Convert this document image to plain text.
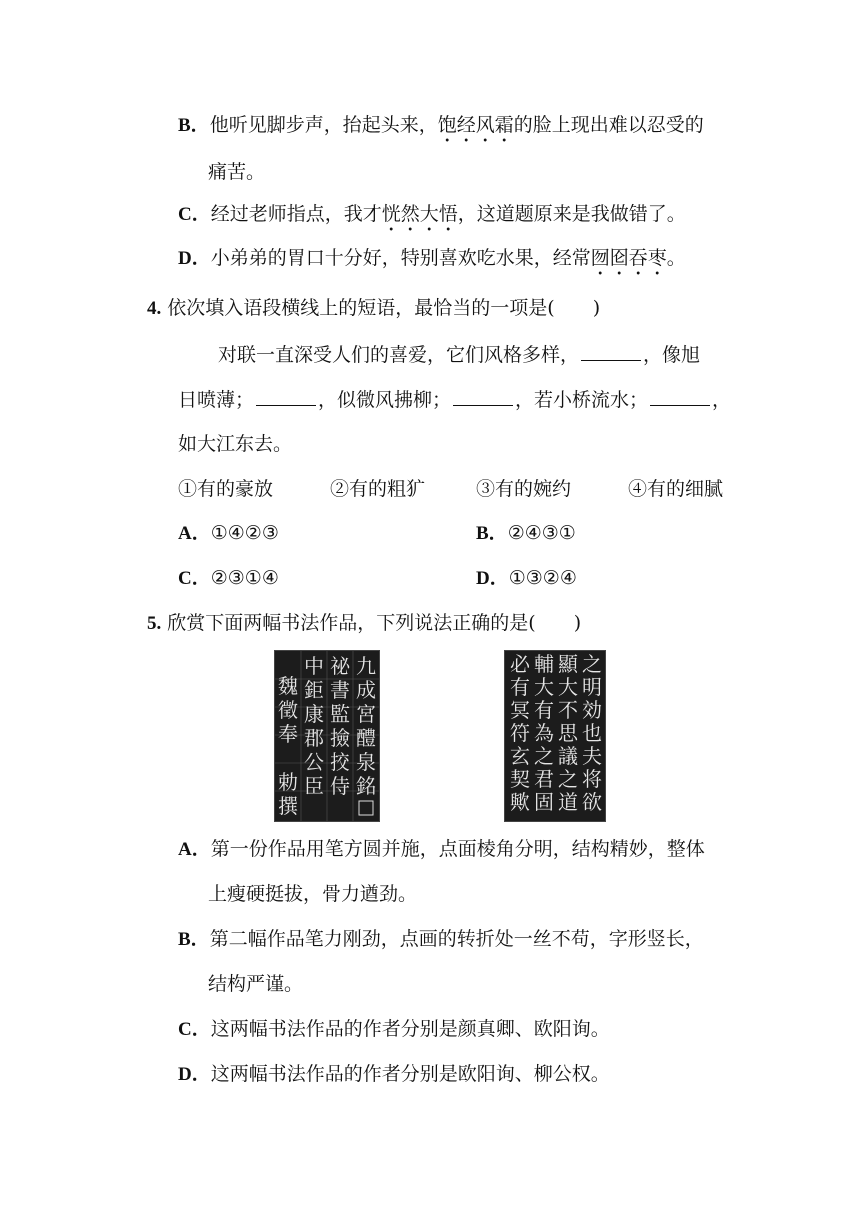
B．他听见脚步声，抬起头来，饱经风霜的脸上现出难以忍受的
痛苦。
C．经过老师指点，我才恍然大悟，这道题原来是我做错了。
D．小弟弟的胃口十分好，特别喜欢吃水果，经常囫囵吞枣。
4. 依次填入语段横线上的短语，最恰当的一项是(　　)
对联一直深受人们的喜爱，它们风格多样，	，像旭
日喷薄；	，似微风拂柳；	，若小桥流水；	，
如大江东去。
①有的豪放	②有的粗犷	③有的婉约	④有的细腻
A．①④②③	B．②④③①
C．②③①④	D．①③②④
5. 欣赏下面两幅书法作品，下列说法正确的是(　　)
九
成
宮
醴
泉
銘
祕
書
監
撿
挍
侍
中
鉅
康
郡
公
臣
魏
徵
奉
勅
撰
之
明
効
也
夫
将
欲
顯
大
不
思
議
之
道
輔
大
有
為
之
君
固
必
有
冥
符
玄
契
歟
A．第一份作品用笔方圆并施，点面棱角分明，结构精妙，整体
上瘦硬挺拔，骨力遒劲。
B．第二幅作品笔力刚劲，点画的转折处一丝不苟，字形竖长，
结构严谨。
C．这两幅书法作品的作者分别是颜真卿、欧阳询。
D．这两幅书法作品的作者分别是欧阳询、柳公权。
